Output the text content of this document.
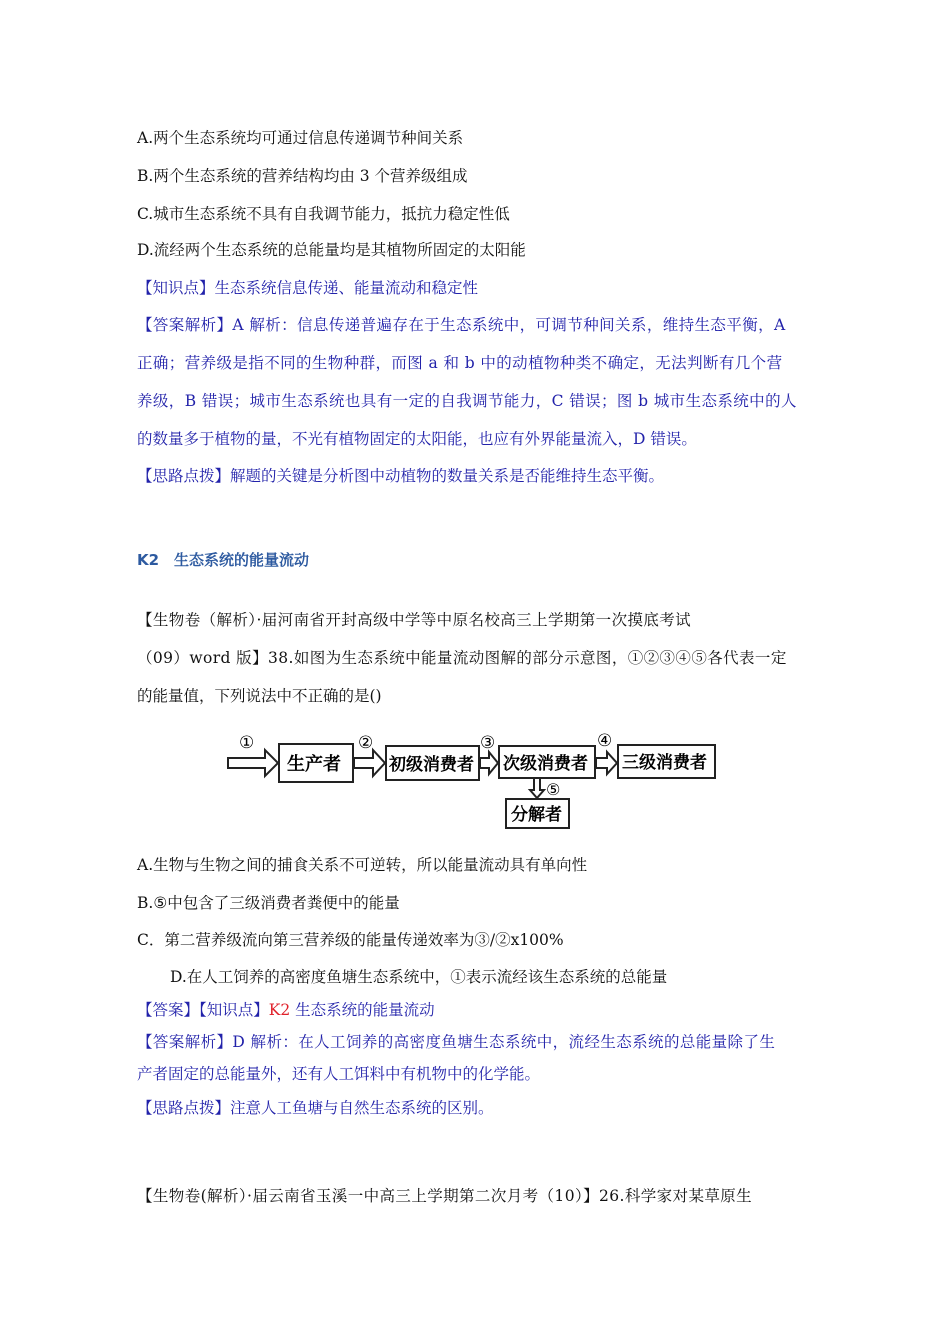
A.两个生态系统均可通过信息传递调节种间关系
B.两个生态系统的营养结构均由 3 个营养级组成
C.城市生态系统不具有自我调节能力，抵抗力稳定性低
D.流经两个生态系统的总能量均是其植物所固定的太阳能
【知识点】生态系统信息传递、能量流动和稳定性
【答案解析】A 解析：信息传递普遍存在于生态系统中，可调节种间关系，维持生态平衡，A
正确；营养级是指不同的生物种群，而图 a 和 b 中的动植物种类不确定，无法判断有几个营
养级，B 错误；城市生态系统也具有一定的自我调节能力，C 错误；图 b 城市生态系统中的人
的数量多于植物的量，不光有植物固定的太阳能，也应有外界能量流入，D 错误。
【思路点拨】解题的关键是分析图中动植物的数量关系是否能维持生态平衡。
K2　生态系统的能量流动
【生物卷（解析）·届河南省开封高级中学等中原名校高三上学期第一次摸底考试
（09）word 版】38.如图为生态系统中能量流动图解的部分示意图，①②③④⑤各代表一定
的能量值，下列说法中不正确的是()
①	②	③	④
⑤
生产者	初级消费者 次级消费者 三级消费者
分解者
A.生物与生物之间的捕食关系不可逆转，所以能量流动具有单向性
B.⑤中包含了三级消费者粪便中的能量
C．第二营养级流向第三营养级的能量传递效率为③/②x100%
D.在人工饲养的高密度鱼塘生态系统中，①表示流经该生态系统的总能量
【答案】【知识点】K2 生态系统的能量流动
【答案解析】D 解析：在人工饲养的高密度鱼塘生态系统中，流经生态系统的总能量除了生
产者固定的总能量外，还有人工饵料中有机物中的化学能。
【思路点拨】注意人工鱼塘与自然生态系统的区别。
【生物卷(解析）·届云南省玉溪一中高三上学期第二次月考（10）】26.科学家对某草原生
